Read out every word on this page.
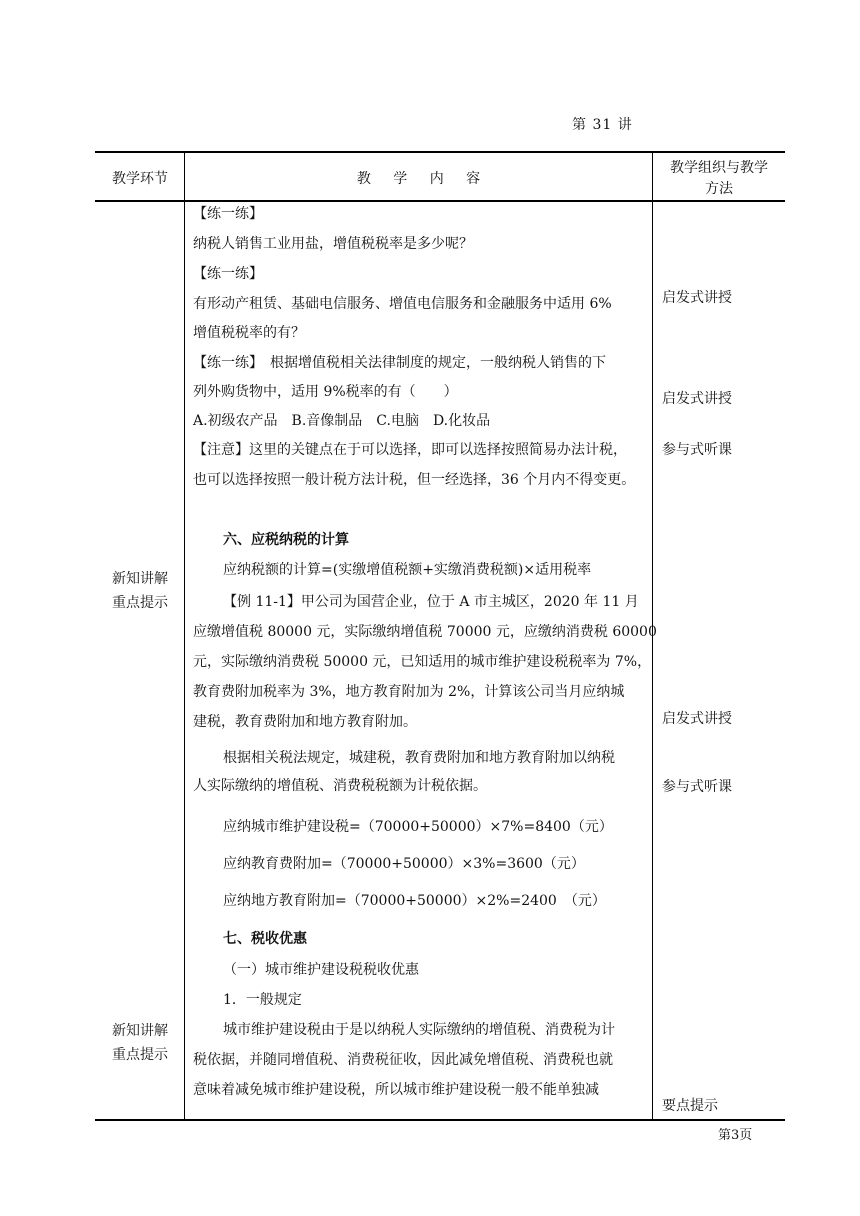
第 31 讲
教学环节	教 学 内 容
教学组织与教学
方法
新知讲解
重点提示
新知讲解
重点提示
【练一练】
纳税人销售工业用盐，增值税税率是多少呢？
【练一练】
有形动产租赁、基础电信服务、增值电信服务和金融服务中适用 6%
增值税税率的有？
【练一练】　根据增值税相关法律制度的规定，一般纳税人销售的下
列外购货物中，适用 9%税率的有（　　）
A.初级农产品　B.音像制品　C.电脑　D.化妆品
【注意】这里的关键点在于可以选择，即可以选择按照简易办法计税，
也可以选择按照一般计税方法计税，但一经选择，36 个月内不得变更。
六、应税纳税的计算
应纳税额的计算=(实缴增值税额+实缴消费税额)×适用税率
【例 11-1】甲公司为国营企业，位于 A 市主城区，2020 年 11 月
应缴增值税 80000 元，实际缴纳增值税 70000 元，应缴纳消费税 60000
元，实际缴纳消费税 50000 元，已知适用的城市维护建设税税率为 7%，
教育费附加税率为 3%，地方教育附加为 2%，计算该公司当月应纳城
建税，教育费附加和地方教育附加。
根据相关税法规定，城建税，教育费附加和地方教育附加以纳税
人实际缴纳的增值税、消费税税额为计税依据。
应纳城市维护建设税=（70000+50000）×7%=8400（元）
应纳教育费附加=（70000+50000）×3%=3600（元）
应纳地方教育附加=（70000+50000）×2%=2400　（元）
七、税收优惠
（一）城市维护建设税税收优惠
1．一般规定
城市维护建设税由于是以纳税人实际缴纳的增值税、消费税为计
税依据，并随同增值税、消费税征收，因此减免增值税、消费税也就
意味着减免城市维护建设税，所以城市维护建设税一般不能单独减
启发式讲授
启发式讲授
参与式听课
启发式讲授
参与式听课
要点提示
第3页
